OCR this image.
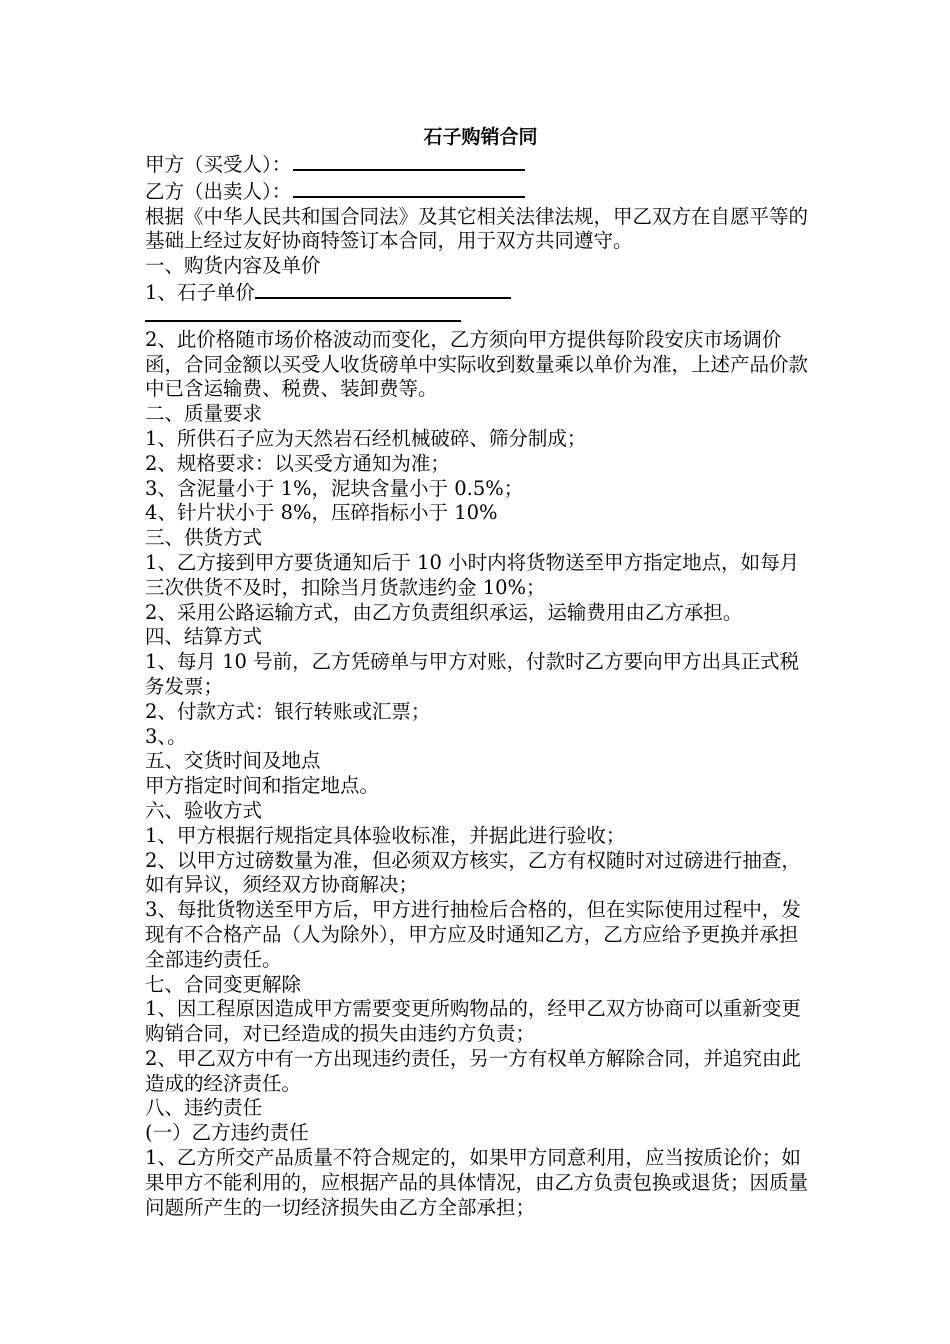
石子购销合同
甲方（买受人）：
乙方（出卖人）：
根据《中华人民共和国合同法》及其它相关法律法规，甲乙双方在自愿平等的基础上经过友好协商特签订本合同，用于双方共同遵守。
一、购货内容及单价
1、石子单价
2、此价格随市场价格波动而变化，乙方须向甲方提供每阶段安庆市场调价函，合同金额以买受人收货磅单中实际收到数量乘以单价为准，上述产品价款中已含运输费、税费、装卸费等。
二、质量要求
1、所供石子应为天然岩石经机械破碎、筛分制成；
2、规格要求：以买受方通知为准；
3、含泥量小于 1%，泥块含量小于 0.5%；
4、针片状小于 8%，压碎指标小于 10%
三、供货方式
1、乙方接到甲方要货通知后于 10 小时内将货物送至甲方指定地点，如每月三次供货不及时，扣除当月货款违约金 10%；
2、采用公路运输方式，由乙方负责组织承运，运输费用由乙方承担。
四、结算方式
1、每月 10 号前，乙方凭磅单与甲方对账，付款时乙方要向甲方出具正式税务发票；
2、付款方式：银行转账或汇票；
3、。
五、交货时间及地点
甲方指定时间和指定地点。
六、验收方式
1、甲方根据行规指定具体验收标准，并据此进行验收；
2、以甲方过磅数量为准，但必须双方核实，乙方有权随时对过磅进行抽查，如有异议，须经双方协商解决；
3、每批货物送至甲方后，甲方进行抽检后合格的，但在实际使用过程中，发现有不合格产品（人为除外），甲方应及时通知乙方，乙方应给予更换并承担全部违约责任。
七、合同变更解除
1、因工程原因造成甲方需要变更所购物品的，经甲乙双方协商可以重新变更购销合同，对已经造成的损失由违约方负责；
2、甲乙双方中有一方出现违约责任，另一方有权单方解除合同，并追究由此造成的经济责任。
八、违约责任
(一）乙方违约责任
1、乙方所交产品质量不符合规定的，如果甲方同意利用，应当按质论价；如果甲方不能利用的，应根据产品的具体情况，由乙方负责包换或退货；因质量问题所产生的一切经济损失由乙方全部承担；
